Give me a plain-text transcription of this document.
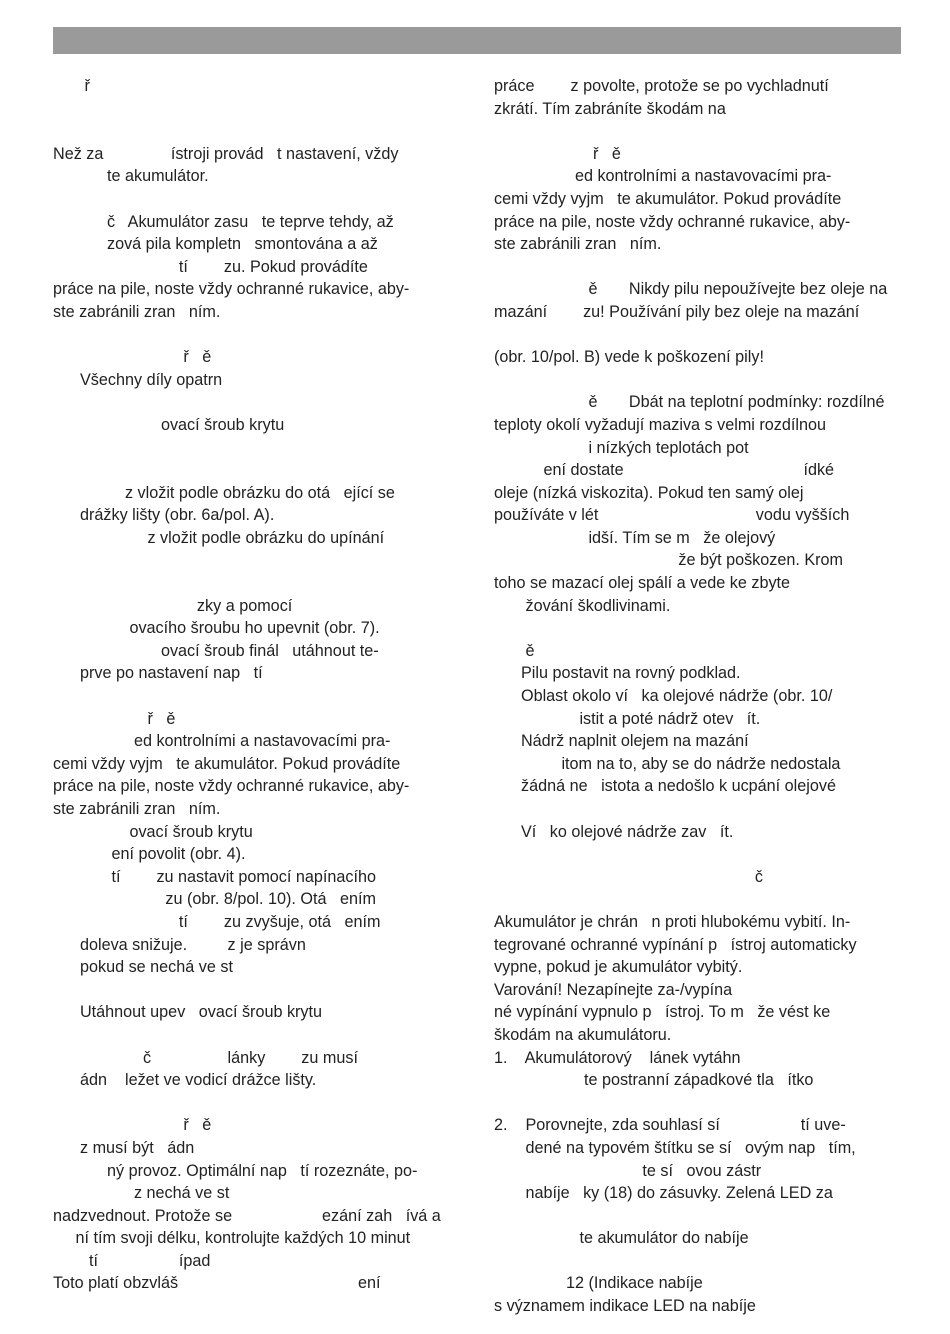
ř
Než za               ístroji provád   t nastavení, vždy
te akumulátor.
č   Akumulátor zasu   te teprve tehdy, až
zová pila kompletn   smontována a až
tí        zu. Pokud provádíte
práce na pile, noste vždy ochranné rukavice, aby-
ste zabránili zran   ním.
ř   ě
Všechny díly opatrn
ovací šroub krytu
z vložit podle obrázku do otá   ející se
drážky lišty (obr. 6a/pol. A).
z vložit podle obrázku do upínání
zky a pomocí
ovacího šroubu ho upevnit (obr. 7).
ovací šroub finál   utáhnout te-
prve po nastavení nap   tí
ř   ě
ed kontrolními a nastavovacími pra-
cemi vždy vyjm   te akumulátor. Pokud provádíte
práce na pile, noste vždy ochranné rukavice, aby-
ste zabránili zran   ním.
ovací šroub krytu
ení povolit (obr. 4).
tí        zu nastavit pomocí napínacího
zu (obr. 8/pol. 10). Otá   ením
tí        zu zvyšuje, otá   ením
doleva snižuje.         z je správn
pokud se nechá ve st
Utáhnout upev   ovací šroub krytu
č                 lánky        zu musí
ádn    ležet ve vodicí drážce lišty.
ř   ě
z musí být   ádn
ný provoz. Optimální nap   tí rozeznáte, po-
z nechá ve st
nadzvednout. Protože se                    ezání zah   ívá a
ní tím svoji délku, kontrolujte každých 10 minut
tí                  ípad
Toto platí obzvláš                                        ení
práce        z povolte, protože se po vychladnutí
zkrátí. Tím zabráníte škodám na
ř   ě
ed kontrolními a nastavovacími pra-
cemi vždy vyjm   te akumulátor. Pokud provádíte
práce na pile, noste vždy ochranné rukavice, aby-
ste zabránili zran   ním.
ě       Nikdy pilu nepoužívejte bez oleje na
mazání        zu! Používání pily bez oleje na mazání
(obr. 10/pol. B) vede k poškození pily!
ě       Dbát na teplotní podmínky: rozdílné
teploty okolí vyžadují maziva s velmi rozdílnou
i nízkých teplotách pot
ení dostate                                        ídké
oleje (nízká viskozita). Pokud ten samý olej
používáte v lét                                   vodu vyšších
idší. Tím se m   že olejový
že být poškozen. Krom
toho se mazací olej spálí a vede ke zbyte
žování škodlivinami.
ě
Pilu postavit na rovný podklad.
Oblast okolo ví   ka olejové nádrže (obr. 10/
istit a poté nádrž otev   ít.
Nádrž naplnit olejem na mazání
itom na to, aby se do nádrže nedostala
žádná ne   istota a nedošlo k ucpání olejové
Ví   ko olejové nádrže zav   ít.
č
Akumulátor je chrán   n proti hlubokému vybití. In-
tegrované ochranné vypínání p   ístroj automaticky
vypne, pokud je akumulátor vybitý.
Varování! Nezapínejte za-/vypína
né vypínání vypnulo p   ístroj. To m   že vést ke
škodám na akumulátoru.
1.    Akumulátorový    lánek vytáhn
te postranní západkové tla   ítko
2.    Porovnejte, zda souhlasí sí                  tí uve-
dené na typovém štítku se sí   ovým nap   tím,
te sí   ovou zástr
nabíje   ky (18) do zásuvky. Zelená LED za
te akumulátor do nabíje
12 (Indikace nabíje
s významem indikace LED na nabíje
